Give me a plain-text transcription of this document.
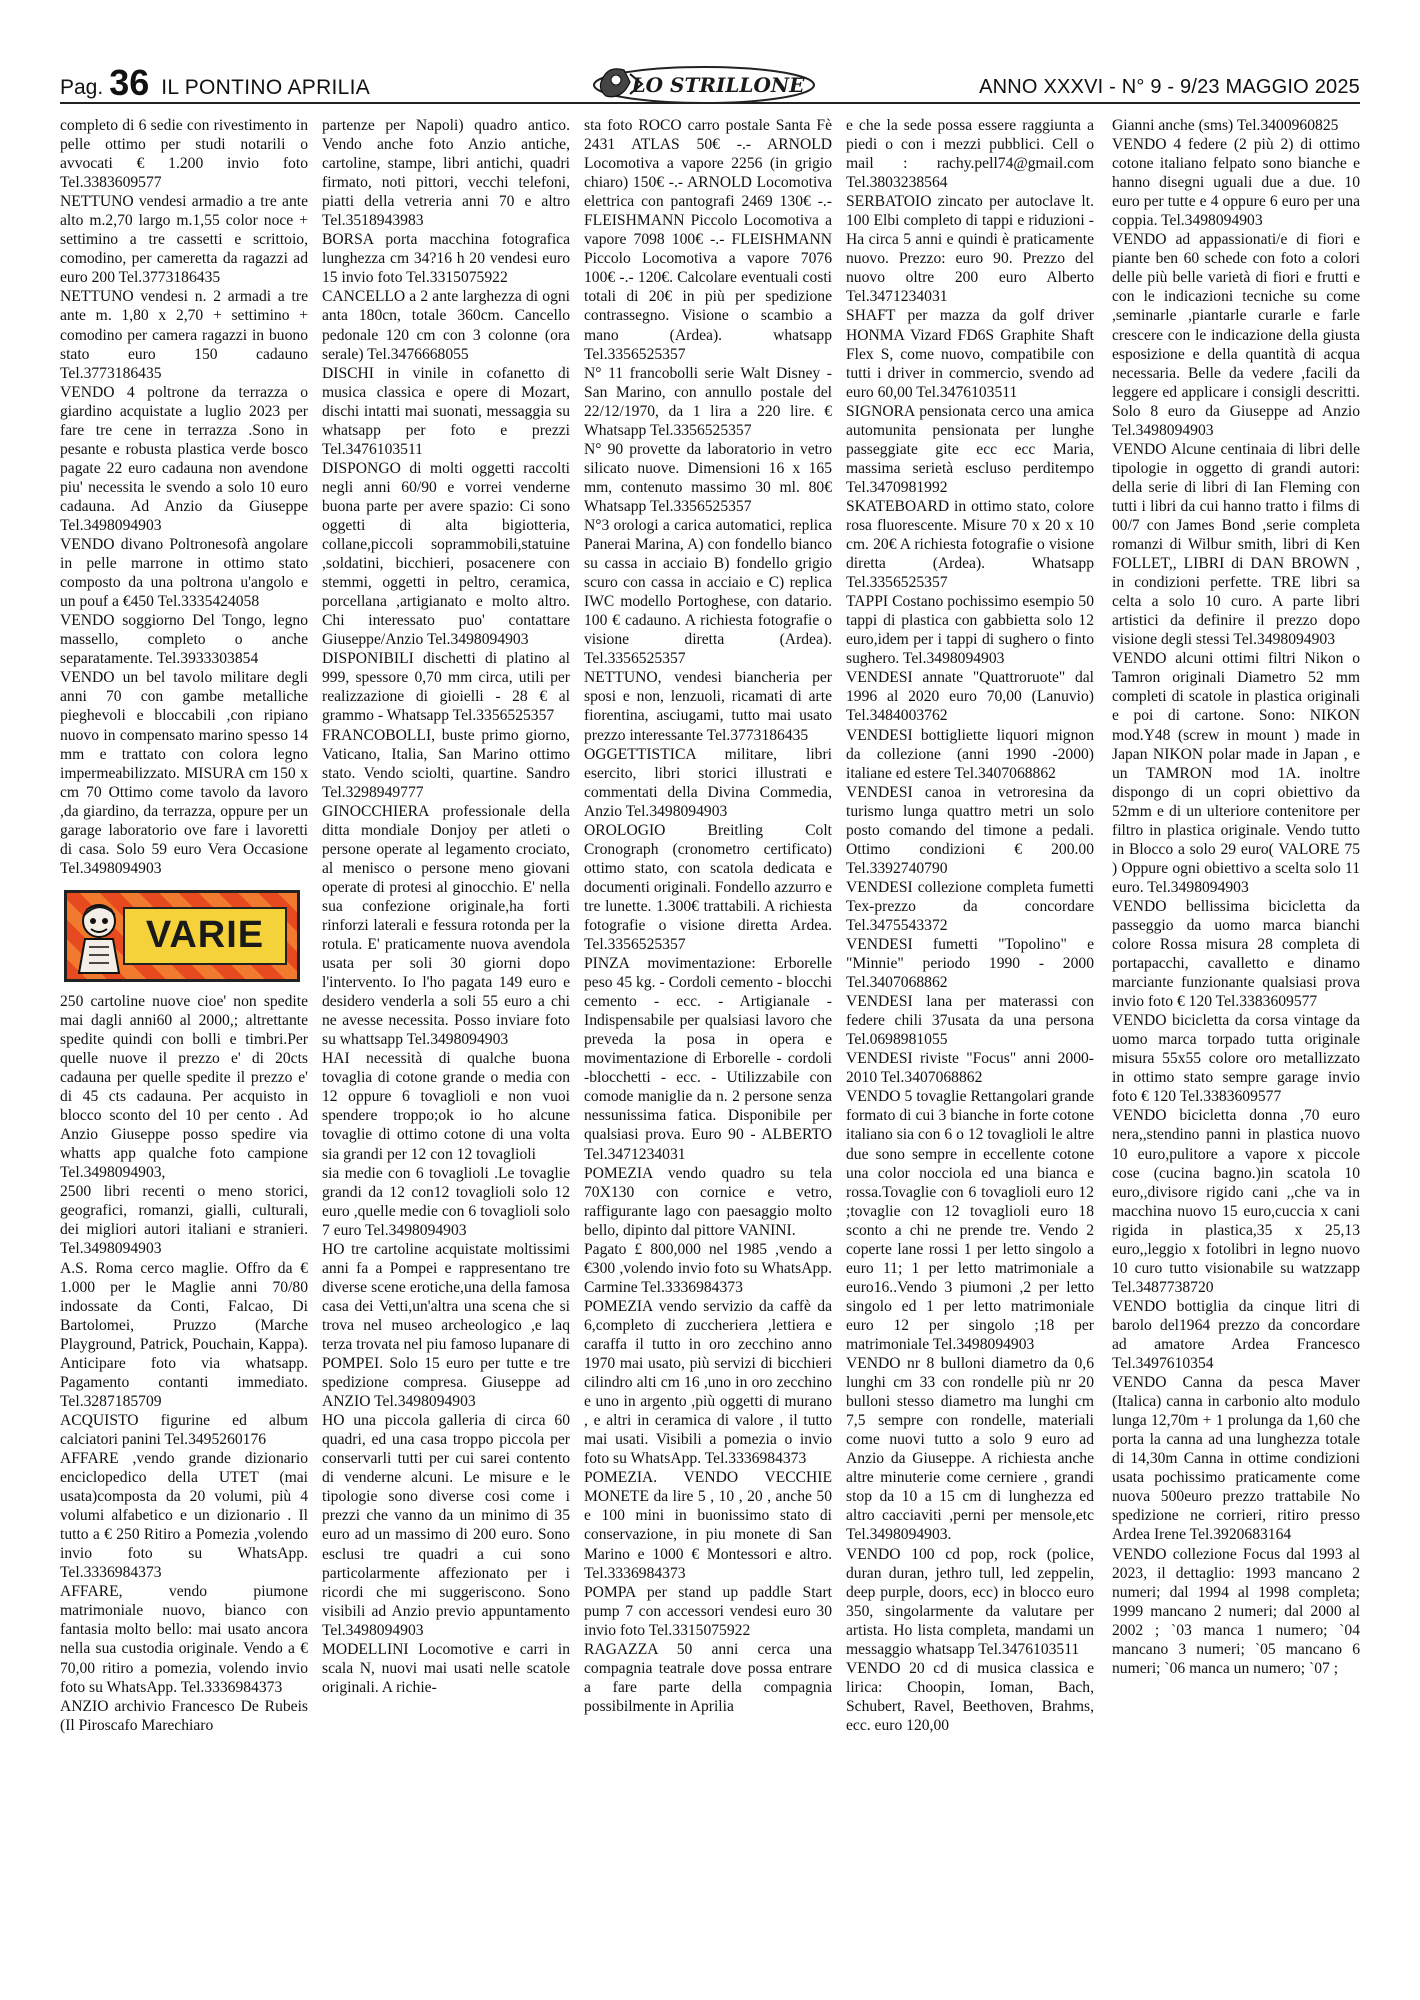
Pag. 36 IL PONTINO APRILIA	ANNO XXXVI - N° 9 - 9/23 MAGGIO 2025
LO STRILLONE

completo di 6 sedie con rivestimento in pelle ottimo per studi notarili o avvocati € 1.200 invio foto Tel.3383609577

NETTUNO vendesi armadio a tre ante alto m.2,70 largo m.1,55 color noce + settimino a tre cassetti e scrittoio, comodino, per cameretta da ragazzi ad euro 200 Tel.3773186435

NETTUNO vendesi n. 2 armadi a tre ante m. 1,80 x 2,70 + settimino + comodino per camera ragazzi in buono stato euro 150 cadauno Tel.3773186435

VENDO 4 poltrone da terrazza o giardino acquistate a luglio 2023 per fare tre cene in terrazza .Sono in pesante e robusta plastica verde bosco pagate 22 euro cadauna non avendone piu' necessita le svendo a solo 10 euro cadauna. Ad Anzio da Giuseppe Tel.3498094903

VENDO divano Poltronesofà angolare in pelle marrone in ottimo stato composto da una poltrona u'angolo e un pouf a €450 Tel.3335424058

VENDO soggiorno Del Tongo, legno massello, completo o anche separatamente. Tel.3933303854

VENDO un bel tavolo militare degli anni 70 con gambe metalliche pieghevoli e bloccabili ,con ripiano nuovo in compensato marino spesso 14 mm e trattato con colora legno impermeabilizzato. MISURA cm 150 x cm 70 Ottimo come tavolo da lavoro ,da giardino, da terrazza, oppure per un garage laboratorio ove fare i lavoretti di casa. Solo 59 euro Vera Occasione Tel.3498094903

VARIE

250 cartoline nuove cioe' non spedite mai dagli anni60 al 2000,; altrettante spedite quindi con bolli e timbri.Per quelle nuove il prezzo e' di 20cts cadauna per quelle spedite il prezzo e' di 45 cts cadauna. Per acquisto in blocco sconto del 10 per cento . Ad Anzio Giuseppe posso spedire via whatts app qualche foto campione Tel.3498094903,

2500 libri recenti o meno storici, geografici, romanzi, gialli, culturali, dei migliori autori italiani e stranieri. Tel.3498094903

A.S. Roma cerco maglie. Offro da € 1.000 per le Maglie anni 70/80 indossate da Conti, Falcao, Di Bartolomei, Pruzzo (Marche Playground, Patrick, Pouchain, Kappa). Anticipare foto via whatsapp. Pagamento contanti immediato. Tel.3287185709

ACQUISTO figurine ed album calciatori panini Tel.3495260176

AFFARE ,vendo grande dizionario enciclopedico della UTET (mai usata)composta da 20 volumi, più 4 volumi alfabetico e un dizionario . Il tutto a € 250 Ritiro a Pomezia ,volendo invio foto su WhatsApp. Tel.3336984373

AFFARE, vendo piumone matrimoniale nuovo, bianco con fantasia molto bello: mai usato ancora nella sua custodia originale. Vendo a € 70,00 ritiro a pomezia, volendo invio foto su WhatsApp. Tel.3336984373

ANZIO archivio Francesco De Rubeis (Il Piroscafo Marechiaro

partenze per Napoli) quadro antico. Vendo anche foto Anzio antiche, cartoline, stampe, libri antichi, quadri firmato, noti pittori, vecchi telefoni, piatti della vetreria anni 70 e altro Tel.3518943983

BORSA porta macchina fotografica lunghezza cm 34?16 h 20 vendesi euro 15 invio foto Tel.3315075922

CANCELLO a 2 ante larghezza di ogni anta 180cn, totale 360cm. Cancello pedonale 120 cm con 3 colonne (ora serale) Tel.3476668055

DISCHI in vinile in cofanetto di musica classica e opere di Mozart, dischi intatti mai suonati, messaggia su whatsapp per foto e prezzi Tel.3476103511

DISPONGO di molti oggetti raccolti negli anni 60/90 e vorrei venderne buona parte per avere spazio: Ci sono oggetti di alta bigiotteria, collane,piccoli soprammobili,statuine ,soldatini, bicchieri, posacenere con stemmi, oggetti in peltro, ceramica, porcellana ,artigianato e molto altro. Chi interessato puo' contattare Giuseppe/Anzio Tel.3498094903

DISPONIBILI dischetti di platino al 999, spessore 0,70 mm circa, utili per realizzazione di gioielli - 28 € al grammo - Whatsapp Tel.3356525357

FRANCOBOLLI, buste primo giorno, Vaticano, Italia, San Marino ottimo stato. Vendo sciolti, quartine. Sandro Tel.3298949777

GINOCCHIERA professionale della ditta mondiale Donjoy per atleti o persone operate al legamento crociato, al menisco o persone meno giovani operate di protesi al ginocchio. E' nella sua confezione originale,ha forti rinforzi laterali e fessura rotonda per la rotula. E' praticamente nuova avendola usata per soli 30 giorni dopo l'intervento. Io l'ho pagata 149 euro e desidero venderla a soli 55 euro a chi ne avesse necessita. Posso inviare foto su whattsapp Tel.3498094903

HAI necessità di qualche buona tovaglia di cotone grande o media con 12 oppure 6 tovaglioli e non vuoi spendere troppo;ok io ho alcune tovaglie di ottimo cotone di una volta sia grandi per 12 con 12 tovaglioli

sia medie con 6 tovaglioli .Le tovaglie grandi da 12 con12 tovaglioli solo 12 euro ,quelle medie con 6 tovaglioli solo 7 euro Tel.3498094903

HO tre cartoline acquistate moltissimi anni fa a Pompei e rappresentano tre diverse scene erotiche,una della famosa casa dei Vetti,un'altra una scena che si trova nel museo archeologico ,e laq terza trovata nel piu famoso lupanare di POMPEI. Solo 15 euro per tutte e tre spedizione compresa. Giuseppe ad ANZIO Tel.3498094903

HO una piccola galleria di circa 60 quadri, ed una casa troppo piccola per conservarli tutti per cui sarei contento di venderne alcuni. Le misure e le tipologie sono diverse cosi come i prezzi che vanno da un minimo di 35 euro ad un massimo di 200 euro. Sono esclusi tre quadri a cui sono particolarmente affezionato per i ricordi che mi suggeriscono. Sono visibili ad Anzio previo appuntamento Tel.3498094903

MODELLINI Locomotive e carri in scala N, nuovi mai usati nelle scatole originali. A richie-

sta foto ROCO carro postale Santa Fè 2431 ATLAS 50€ -.- ARNOLD Locomotiva a vapore 2256 (in grigio chiaro) 150€ -.- ARNOLD Locomotiva elettrica con pantografi 2469 130€ -.- FLEISHMANN Piccolo Locomotiva a vapore 7098 100€ -.- FLEISHMANN Piccolo Locomotiva a vapore 7076 100€ -.- 120€. Calcolare eventuali costi totali di 20€ in più per spedizione contrassegno. Visione o scambio a mano (Ardea). whatsapp Tel.3356525357

N° 11 francobolli serie Walt Disney - San Marino, con annullo postale del 22/12/1970, da 1 lira a 220 lire. € Whatsapp Tel.3356525357

N° 90 provette da laboratorio in vetro silicato nuove. Dimensioni 16 x 165 mm, contenuto massimo 30 ml. 80€ Whatsapp Tel.3356525357

N°3 orologi a carica automatici, replica Panerai Marina, A) con fondello bianco su cassa in acciaio B) fondello grigio scuro con cassa in acciaio e C) replica IWC modello Portoghese, con datario. 100 € cadauno. A richiesta fotografie o visione diretta (Ardea). Tel.3356525357

NETTUNO, vendesi biancheria per sposi e non, lenzuoli, ricamati di arte fiorentina, asciugami, tutto mai usato prezzo interessante Tel.3773186435

OGGETTISTICA militare, libri esercito, libri storici illustrati e commentati della Divina Commedia, Anzio Tel.3498094903

OROLOGIO Breitling Colt Cronograph (cronometro certificato) ottimo stato, con scatola dedicata e documenti originali. Fondello azzurro e tre lunette. 1.300€ trattabili. A richiesta fotografie o visione diretta Ardea. Tel.3356525357

PINZA movimentazione: Erborelle peso 45 kg. - Cordoli cemento - blocchi cemento - ecc. - Artigianale - Indispensabile per qualsiasi lavoro che preveda la posa in opera e movimentazione di Erborelle - cordoli -blocchetti - ecc. - Utilizzabile con comode maniglie da n. 2 persone senza nessunissima fatica. Disponibile per qualsiasi prova. Euro 90 - ALBERTO Tel.3471234031

POMEZIA vendo quadro su tela 70X130 con cornice e vetro, raffigurante lago con paesaggio molto bello, dipinto dal pittore VANINI.

Pagato £ 800,000 nel 1985 ,vendo a €300 ,volendo invio foto su WhatsApp. Carmine Tel.3336984373

POMEZIA vendo servizio da caffè da 6,completo di zuccheriera ,lettiera e caraffa il tutto in oro zecchino anno 1970 mai usato, più servizi di bicchieri cilindro alti cm 16 ,uno in oro zecchino e uno in argento ,più oggetti di murano , e altri in ceramica di valore , il tutto mai usati. Visibili a pomezia o invio foto su WhatsApp. Tel.3336984373

POMEZIA. VENDO VECCHIE MONETE da lire 5 , 10 , 20 , anche 50 e 100 mini in buonissimo stato di conservazione, in piu monete di San Marino e 1000 € Montessori e altro. Tel.3336984373

POMPA per stand up paddle Start pump 7 con accessori vendesi euro 30 invio foto Tel.3315075922

RAGAZZA 50 anni cerca una compagnia teatrale dove possa entrare a fare parte della compagnia possibilmente in Aprilia

e che la sede possa essere raggiunta a piedi o con i mezzi pubblici. Cell o mail : rachy.pell74@gmail.com Tel.3803238564

SERBATOIO zincato per autoclave lt. 100 Elbi completo di tappi e riduzioni - Ha circa 5 anni e quindi è praticamente nuovo. Prezzo: euro 90. Prezzo del nuovo oltre 200 euro Alberto Tel.3471234031

SHAFT per mazza da golf driver HONMA Vizard FD6S Graphite Shaft Flex S, come nuovo, compatibile con tutti i driver in commercio, svendo ad euro 60,00 Tel.3476103511

SIGNORA pensionata cerco una amica automunita pensionata per lunghe passeggiate gite ecc ecc Maria, massima serietà escluso perditempo Tel.3470981992

SKATEBOARD in ottimo stato, colore rosa fluorescente. Misure 70 x 20 x 10 cm. 20€ A richiesta fotografie o visione diretta (Ardea). Whatsapp Tel.3356525357

TAPPI Costano pochissimo esempio 50 tappi di plastica con gabbietta solo 12 euro,idem per i tappi di sughero o finto sughero. Tel.3498094903

VENDESI annate "Quattroruote" dal 1996 al 2020 euro 70,00 (Lanuvio) Tel.3484003762

VENDESI bottigliette liquori mignon da collezione (anni 1990 -2000) italiane ed estere Tel.3407068862

VENDESI canoa in vetroresina da turismo lunga quattro metri un solo posto comando del timone a pedali. Ottimo condizioni € 200.00 Tel.3392740790

VENDESI collezione completa fumetti Tex-prezzo da concordare Tel.3475543372

VENDESI fumetti "Topolino" e "Minnie" periodo 1990 - 2000 Tel.3407068862

VENDESI lana per materassi con federe chili 37usata da una persona Tel.0698981055

VENDESI riviste "Focus" anni 2000-2010 Tel.3407068862

VENDO 5 tovaglie Rettangolari grande formato di cui 3 bianche in forte cotone italiano sia con 6 o 12 tovaglioli le altre due sono sempre in eccellente cotone una color nocciola ed una bianca e rossa.Tovaglie con 6 tovaglioli euro 12 ;tovaglie con 12 tovaglioli euro 18 sconto a chi ne prende tre. Vendo 2 coperte lane rossi 1 per letto singolo a euro 11; 1 per letto matrimoniale a euro16..Vendo 3 piumoni ,2 per letto singolo ed 1 per letto matrimoniale euro 12 per singolo ;18 per matrimoniale Tel.3498094903

VENDO nr 8 bulloni diametro da 0,6 lunghi cm 33 con rondelle più nr 20 bulloni stesso diametro ma lunghi cm 7,5 sempre con rondelle, materiali come nuovi tutto a solo 9 euro ad Anzio da Giuseppe. A richiesta anche altre minuterie come cerniere , grandi stop da 10 a 15 cm di lunghezza ed altro cacciaviti ,perni per mensole,etc Tel.3498094903.

VENDO 100 cd pop, rock (police, duran duran, jethro tull, led zeppelin, deep purple, doors, ecc) in blocco euro 350, singolarmente da valutare per artista. Ho lista completa, mandami un messaggio whatsapp Tel.3476103511

VENDO 20 cd di musica classica e lirica: Choopin, Ioman, Bach, Schubert, Ravel, Beethoven, Brahms, ecc. euro 120,00

Gianni anche (sms) Tel.3400960825

VENDO 4 federe (2 più 2) di ottimo cotone italiano felpato sono bianche e hanno disegni uguali due a due. 10 euro per tutte e 4 oppure 6 euro per una coppia. Tel.3498094903

VENDO ad appassionati/e di fiori e piante ben 60 schede con foto a colori delle più belle varietà di fiori e frutti e con le indicazioni tecniche su come ,seminarle ,piantarle curarle e farle crescere con le indicazione della giusta esposizione e della quantità di acqua necessaria. Belle da vedere ,facili da leggere ed applicare i consigli descritti. Solo 8 euro da Giuseppe ad Anzio Tel.3498094903

VENDO Alcune centinaia di libri delle tipologie in oggetto di grandi autori: della serie di libri di Ian Fleming con tutti i libri da cui hanno tratto i films di 00/7 con James Bond ,serie completa romanzi di Wilbur smith, libri di Ken FOLLET,, LIBRI di DAN BROWN , in condizioni perfette. TRE libri sa celta a solo 10 curo. A parte libri artistici da definire il prezzo dopo visione degli stessi Tel.3498094903

VENDO alcuni ottimi filtri Nikon o Tamron originali Diametro 52 mm completi di scatole in plastica originali e poi di cartone. Sono: NIKON mod.Y48 (screw in mount ) made in Japan NIKON polar made in Japan , e un TAMRON mod 1A. inoltre dispongo di un copri obiettivo da 52mm e di un ulteriore contenitore per filtro in plastica originale. Vendo tutto in Blocco a solo 29 euro( VALORE 75 ) Oppure ogni obiettivo a scelta solo 11 euro. Tel.3498094903

VENDO bellissima bicicletta da passeggio da uomo marca bianchi colore Rossa misura 28 completa di portapacchi, cavalletto e dinamo marciante funzionante qualsiasi prova invio foto € 120 Tel.3383609577

VENDO bicicletta da corsa vintage da uomo marca torpado tutta originale misura 55x55 colore oro metallizzato in ottimo stato sempre garage invio foto € 120 Tel.3383609577

VENDO bicicletta donna ,70 euro nera,,stendino panni in plastica nuovo 10 euro,pulitore a vapore x piccole cose (cucina bagno.)in scatola 10 euro,,divisore rigido cani ,,che va in macchina nuovo 15 euro,cuccia x cani rigida in plastica,35 x 25,13 euro,,leggio x fotolibri in legno nuovo 10 curo tutto visionabile su watzzapp Tel.3487738720

VENDO bottiglia da cinque litri di barolo del1964 prezzo da concordare ad amatore Ardea Francesco Tel.3497610354

VENDO Canna da pesca Maver (Italica) canna in carbonio alto modulo lunga 12,70m + 1 prolunga da 1,60 che porta la canna ad una lunghezza totale di 14,30m Canna in ottime condizioni usata pochissimo praticamente come nuova 500euro prezzo trattabile No spedizione ne corrieri, ritiro presso Ardea Irene Tel.3920683164

VENDO collezione Focus dal 1993 al 2023, il dettaglio: 1993 mancano 2 numeri; dal 1994 al 1998 completa; 1999 mancano 2 numeri; dal 2000 al 2002 ; `03 manca 1 numero; `04 mancano 3 numeri; `05 mancano 6 numeri; `06 manca un numero; `07 ;
